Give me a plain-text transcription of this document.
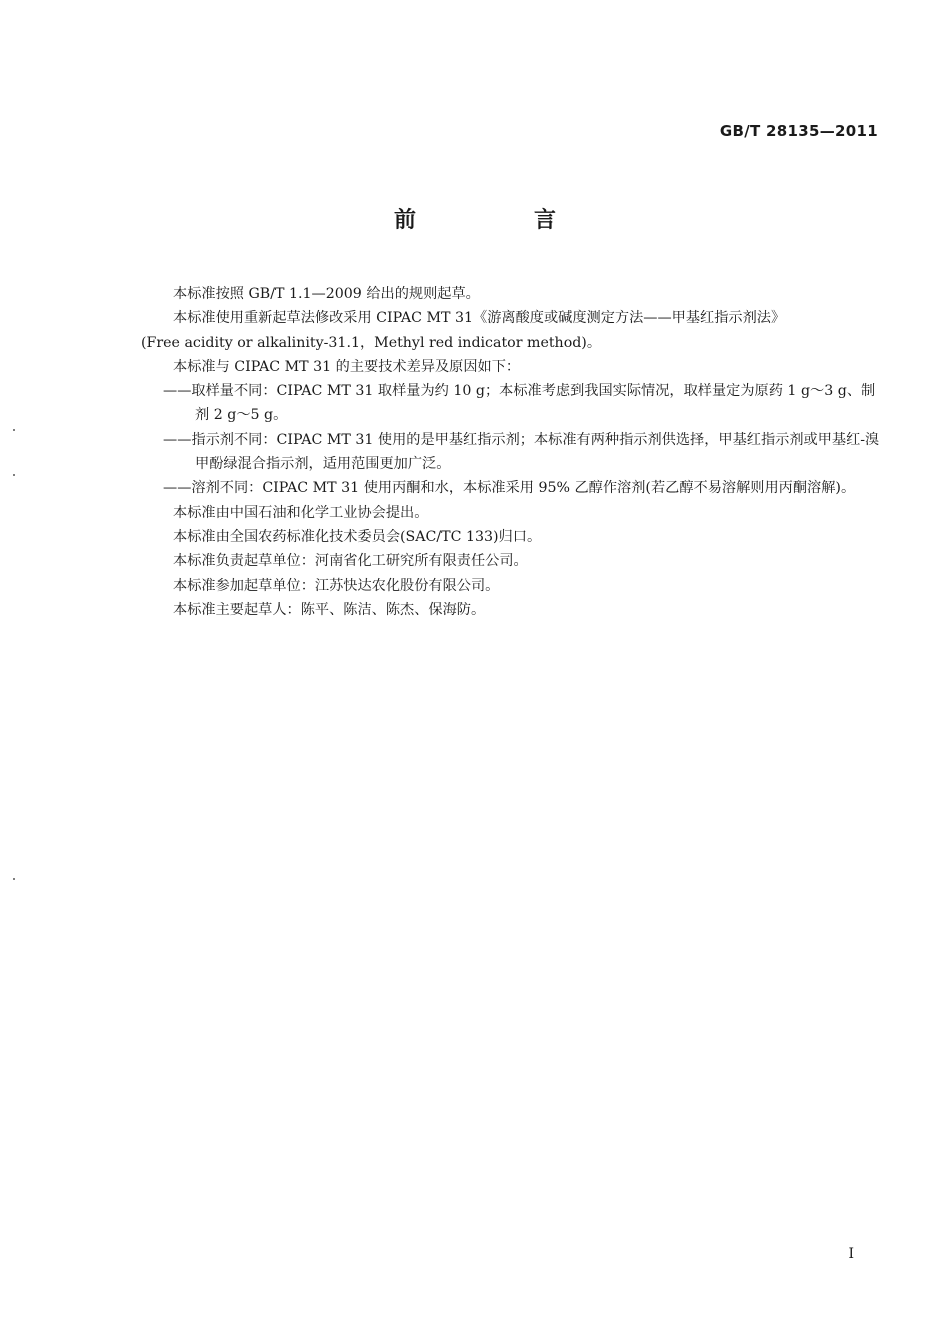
GB/T 28135—2011
前　言

本标准按照 GB/T 1.1—2009 给出的规则起草。

本标准使用重新起草法修改采用 CIPAC MT 31《游离酸度或碱度测定方法——甲基红指示剂法》

(Free acidity or alkalinity-31.1，Methyl red indicator method)。

本标准与 CIPAC MT 31 的主要技术差异及原因如下：

——取样量不同：CIPAC MT 31 取样量为约 10 g；本标准考虑到我国实际情况，取样量定为原药 1 g～3 g、制剂 2 g～5 g。

——指示剂不同：CIPAC MT 31 使用的是甲基红指示剂；本标准有两种指示剂供选择，甲基红指示剂或甲基红-溴甲酚绿混合指示剂，适用范围更加广泛。

——溶剂不同：CIPAC MT 31 使用丙酮和水，本标准采用 95% 乙醇作溶剂(若乙醇不易溶解则用丙酮溶解)。

本标准由中国石油和化学工业协会提出。

本标准由全国农药标准化技术委员会(SAC/TC 133)归口。

本标准负责起草单位：河南省化工研究所有限责任公司。

本标准参加起草单位：江苏快达农化股份有限公司。

本标准主要起草人：陈平、陈洁、陈杰、保海防。

I
